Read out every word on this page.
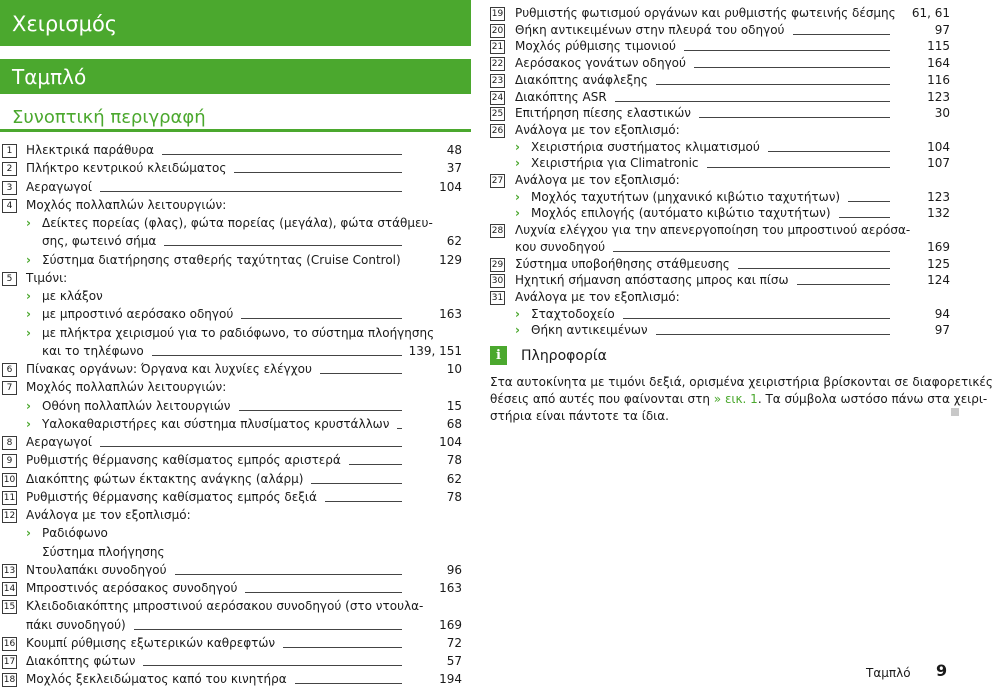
Χειρισμός
Ταμπλό
Συνοπτική περιγραφή
1	Ηλεκτρικά παράθυρα	48
2	Πλήκτρο κεντρικού κλειδώματος	37
3	Αεραγωγοί	104
4	Μοχλός πολλαπλών λειτουργιών:
› Δείκτες πορείας (φλας), φώτα πορείας (μεγάλα), φώτα στάθμευ-
σης, φωτεινό σήμα	62
› Σύστημα διατήρησης σταθερής ταχύτητας (Cruise Control)	129
5	Τιμόνι:
› με κλάξον
› με μπροστινό αερόσακο οδηγού	163
› με πλήκτρα χειρισμού για το ραδιόφωνο, το σύστημα πλοήγησης
και το τηλέφωνο	139, 151
6	Πίνακας οργάνων: Όργανα και λυχνίες ελέγχου	10
7	Μοχλός πολλαπλών λειτουργιών:
› Οθόνη πολλαπλών λειτουργιών	15
› Υαλοκαθαριστήρες και σύστημα πλυσίματος κρυστάλλων	68
8	Αεραγωγοί	104
9	Ρυθμιστής θέρμανσης καθίσματος εμπρός αριστερά	78
10 Διακόπτης φώτων έκτακτης ανάγκης (αλάρμ)	62
11 Ρυθμιστής θέρμανσης καθίσματος εμπρός δεξιά	78
12 Ανάλογα με τον εξοπλισμό:
› Ραδιόφωνο
Σύστημα πλοήγησης
13 Ντουλαπάκι συνοδηγού	96
14 Μπροστινός αερόσακος συνοδηγού	163
15 Κλειδοδιακόπτης μπροστινού αερόσακου συνοδηγού (στο ντουλα-
πάκι συνοδηγού)	169
16 Κουμπί ρύθμισης εξωτερικών καθρεφτών	72
17 Διακόπτης φώτων	57
18 Μοχλός ξεκλειδώματος καπό του κινητήρα	194
19 Ρυθμιστής φωτισμού οργάνων και ρυθμιστής φωτεινής δέσμης	61, 61
20 Θήκη αντικειμένων στην πλευρά του οδηγού	97
21 Μοχλός ρύθμισης τιμονιού	115
22 Αερόσακος γονάτων οδηγού	164
23 Διακόπτης ανάφλεξης	116
24 Διακόπτης ASR	123
25 Επιτήρηση πίεσης ελαστικών	30
26 Ανάλογα με τον εξοπλισμό:
› Χειριστήρια συστήματος κλιματισμού	104
› Χειριστήρια για Climatronic	107
27 Ανάλογα με τον εξοπλισμό:
› Μοχλός ταχυτήτων (μηχανικό κιβώτιο ταχυτήτων)	123
› Μοχλός επιλογής (αυτόματο κιβώτιο ταχυτήτων)	132
28 Λυχνία ελέγχου για την απενεργοποίηση του μπροστινού αερόσα-
κου συνοδηγού	169
29 Σύστημα υποβοήθησης στάθμευσης	125
30 Ηχητική σήμανση απόστασης μπρος και πίσω	124
31 Ανάλογα με τον εξοπλισμό:
› Σταχτοδοχείο	94
› Θήκη αντικειμένων	97
i	Πληροφορία
Στα αυτοκίνητα με τιμόνι δεξιά, ορισμένα χειριστήρια βρίσκονται σε διαφορετικές
θέσεις από αυτές που φαίνονται στη » εικ. 1. Τα σύμβολα ωστόσο πάνω στα χειρι-
στήρια είναι πάντοτε τα ίδια.
Ταμπλό 9
